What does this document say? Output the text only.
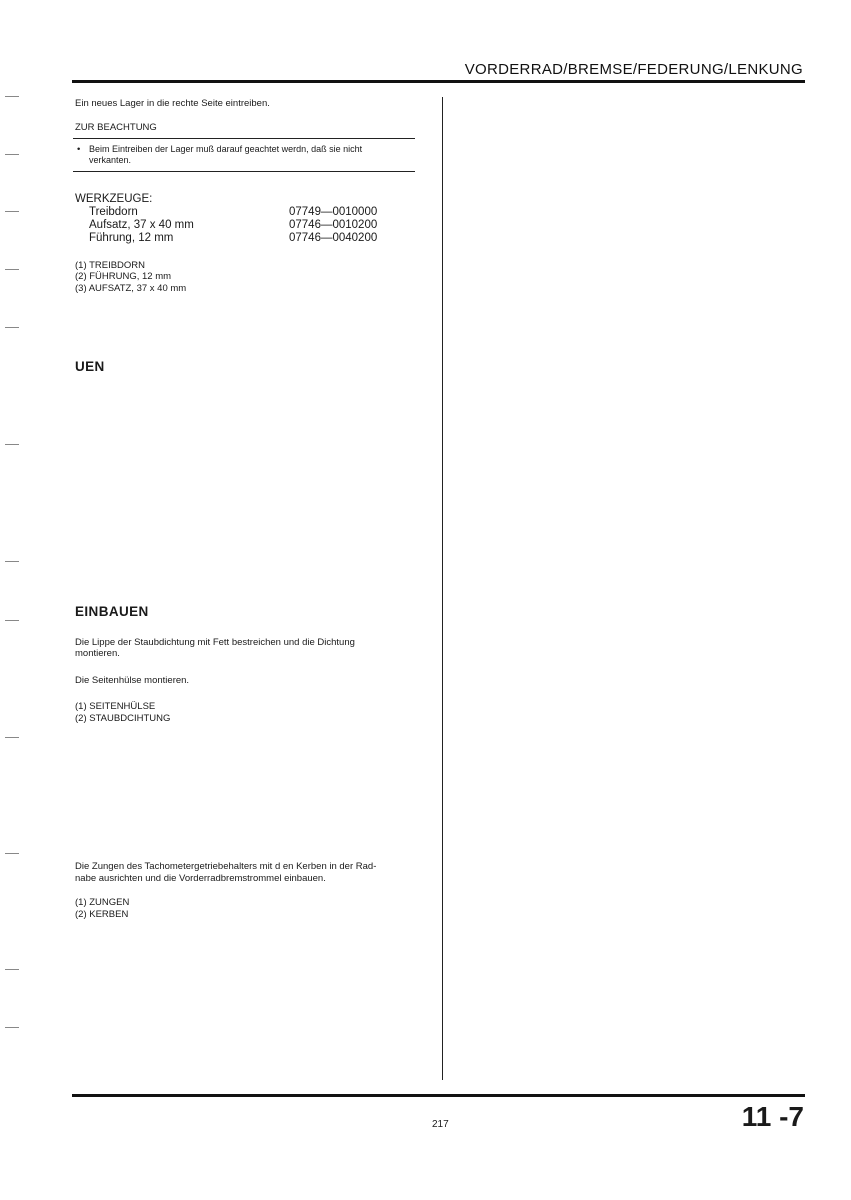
VORDERRAD/BREMSE/FEDERUNG/LENKUNG
Ein neues Lager in die rechte Seite eintreiben.
ZUR BEACHTUNG
• Beim Eintreiben der Lager muß darauf geachtet werdn, daß sie nicht
verkanten.
WERKZEUGE:
Treibdorn	07749—0010000
Aufsatz, 37 x 40 mm	07746—0010200
Führung, 12 mm	07746—0040200
(1) TREIBDORN
(2) FÜHRUNG, 12 mm
(3) AUFSATZ, 37 x 40 mm
UEN
EINBAUEN
Die Lippe der Staubdichtung mit Fett bestreichen und die Dichtung
montieren.
Die Seitenhülse montieren.
(1) SEITENHÜLSE
(2) STAUBDCIHTUNG
Die Zungen des Tachometergetriebehalters mit d en Kerben in der Rad-
nabe ausrichten und die Vorderradbremstrommel einbauen.
(1) ZUNGEN
(2) KERBEN
217	11 -7
